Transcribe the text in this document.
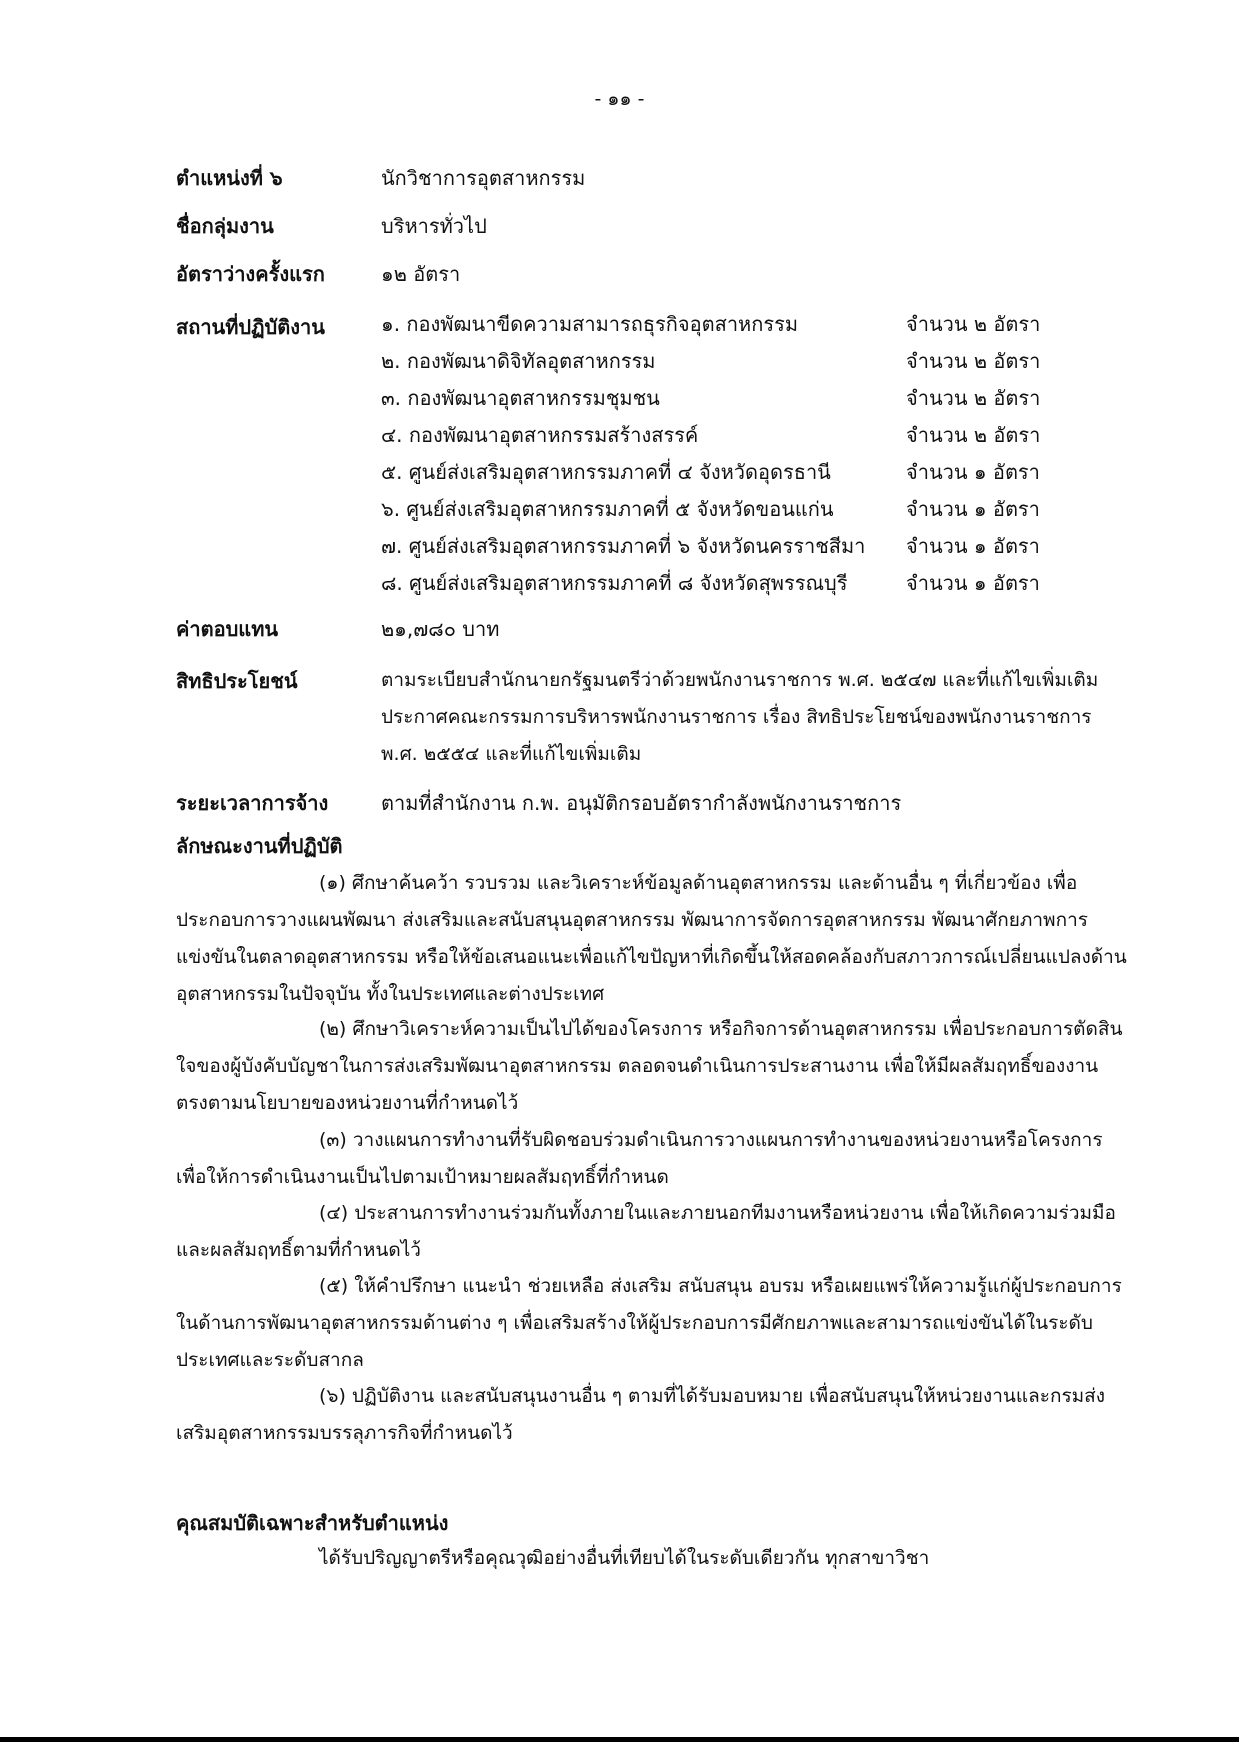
- ๑๑ -
ตำแหน่งที่ ๖	นักวิชาการอุตสาหกรรม
ชื่อกลุ่มงาน	บริหารทั่วไป
อัตราว่างครั้งแรก	๑๒ อัตรา
สถานที่ปฏิบัติงาน	๑. กองพัฒนาขีดความสามารถธุรกิจอุตสาหกรรม	จำนวน ๒ อัตรา
๒. กองพัฒนาดิจิทัลอุตสาหกรรม	จำนวน ๒ อัตรา
๓. กองพัฒนาอุตสาหกรรมชุมชน	จำนวน ๒ อัตรา
๔. กองพัฒนาอุตสาหกรรมสร้างสรรค์	จำนวน ๒ อัตรา
๕. ศูนย์ส่งเสริมอุตสาหกรรมภาคที่ ๔ จังหวัดอุดรธานี	จำนวน ๑ อัตรา
๖. ศูนย์ส่งเสริมอุตสาหกรรมภาคที่ ๕ จังหวัดขอนแก่น	จำนวน ๑ อัตรา
๗. ศูนย์ส่งเสริมอุตสาหกรรมภาคที่ ๖ จังหวัดนครราชสีมา จำนวน ๑ อัตรา
๘. ศูนย์ส่งเสริมอุตสาหกรรมภาคที่ ๘ จังหวัดสุพรรณบุรี	จำนวน ๑ อัตรา
ค่าตอบแทน	๒๑,๗๘๐ บาท
สิทธิประโยชน์	ตามระเบียบสำนักนายกรัฐมนตรีว่าด้วยพนักงานราชการ พ.ศ. ๒๕๔๗ และที่แก้ไขเพิ่มเติม ประกาศคณะกรรมการบริหารพนักงานราชการ เรื่อง สิทธิประโยชน์ของพนักงานราชการ พ.ศ. ๒๕๕๔ และที่แก้ไขเพิ่มเติม
ระยะเวลาการจ้าง	ตามที่สำนักงาน ก.พ. อนุมัติกรอบอัตรากำลังพนักงานราชการ
ลักษณะงานที่ปฏิบัติ
(๑) ศึกษาค้นคว้า รวบรวม และวิเคราะห์ข้อมูลด้านอุตสาหกรรม และด้านอื่น ๆ ที่เกี่ยวข้อง เพื่อประกอบการวางแผนพัฒนา ส่งเสริมและสนับสนุนอุตสาหกรรม พัฒนาการจัดการอุตสาหกรรม พัฒนาศักยภาพการแข่งขันในตลาดอุตสาหกรรม หรือให้ข้อเสนอแนะเพื่อแก้ไขปัญหาที่เกิดขึ้นให้สอดคล้องกับสภาวการณ์เปลี่ยนแปลงด้านอุตสาหกรรมในปัจจุบัน ทั้งในประเทศและต่างประเทศ
(๒) ศึกษาวิเคราะห์ความเป็นไปได้ของโครงการ หรือกิจการด้านอุตสาหกรรม เพื่อประกอบการตัดสินใจของผู้บังคับบัญชาในการส่งเสริมพัฒนาอุตสาหกรรม ตลอดจนดำเนินการประสานงาน เพื่อให้มีผลสัมฤทธิ์ของงานตรงตามนโยบายของหน่วยงานที่กำหนดไว้
(๓) วางแผนการทำงานที่รับผิดชอบร่วมดำเนินการวางแผนการทำงานของหน่วยงานหรือโครงการ เพื่อให้การดำเนินงานเป็นไปตามเป้าหมายผลสัมฤทธิ์ที่กำหนด
(๔) ประสานการทำงานร่วมกันทั้งภายในและภายนอกทีมงานหรือหน่วยงาน เพื่อให้เกิดความร่วมมือและผลสัมฤทธิ์ตามที่กำหนดไว้
(๕) ให้คำปรึกษา แนะนำ ช่วยเหลือ ส่งเสริม สนับสนุน อบรม หรือเผยแพร่ให้ความรู้แก่ผู้ประกอบการในด้านการพัฒนาอุตสาหกรรมด้านต่าง ๆ เพื่อเสริมสร้างให้ผู้ประกอบการมีศักยภาพและสามารถแข่งขันได้ในระดับประเทศและระดับสากล
(๖) ปฏิบัติงาน และสนับสนุนงานอื่น ๆ ตามที่ได้รับมอบหมาย เพื่อสนับสนุนให้หน่วยงานและกรมส่งเสริมอุตสาหกรรมบรรลุภารกิจที่กำหนดไว้
คุณสมบัติเฉพาะสำหรับตำแหน่ง
ได้รับปริญญาตรีหรือคุณวุฒิอย่างอื่นที่เทียบได้ในระดับเดียวกัน ทุกสาขาวิชา
